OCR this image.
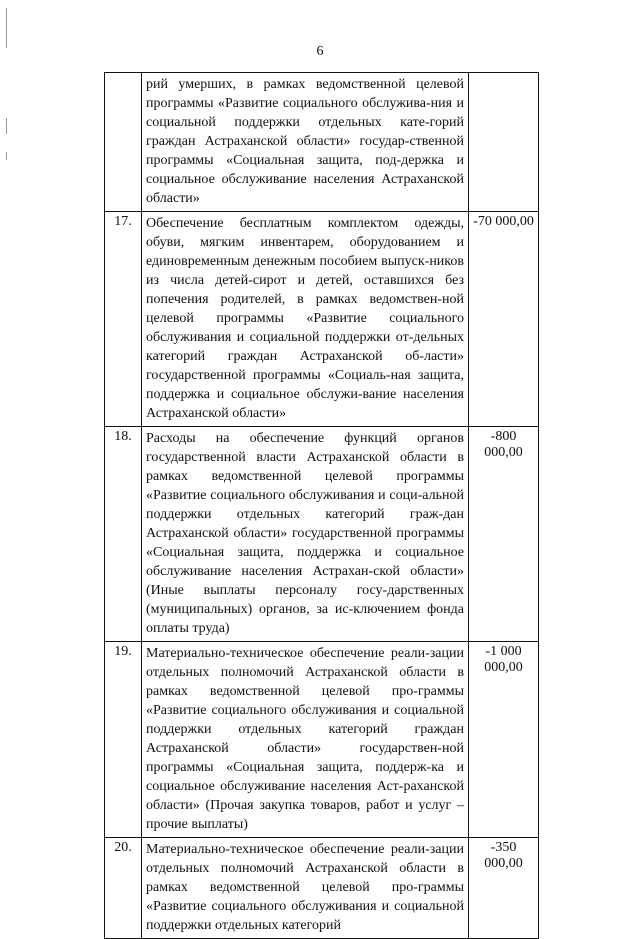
6
	рий умерших, в рамках ведомственной целевой программы «Развитие социального обслужива-ния и социальной поддержки отдельных кате-горий граждан Астраханской области» государ-ственной программы «Социальная защита, под-держка и социальное обслуживание населения Астраханской области»	
17.	Обеспечение бесплатным комплектом одежды, обуви, мягким инвентарем, оборудованием и единовременным денежным пособием выпуск-ников из числа детей-сирот и детей, оставшихся без попечения родителей, в рамках ведомствен-ной целевой программы «Развитие социального обслуживания и социальной поддержки от-дельных категорий граждан Астраханской об-ласти» государственной программы «Социаль-ная защита, поддержка и социальное обслужи-вание населения Астраханской области»	-70 000,00
18.	Расходы на обеспечение функций органов государственной власти Астраханской области в рамках ведомственной целевой программы «Развитие социального обслуживания и соци-альной поддержки отдельных категорий граж-дан Астраханской области» государственной программы «Социальная защита, поддержка и социальное обслуживание населения Астрахан-ской области» (Иные выплаты персоналу госу-дарственных (муниципальных) органов, за ис-ключением фонда оплаты труда)	-800 000,00
19.	Материально-техническое обеспечение реали-зации отдельных полномочий Астраханской области в рамках ведомственной целевой про-граммы «Развитие социального обслуживания и социальной поддержки отдельных категорий граждан Астраханской области» государствен-ной программы «Социальная защита, поддерж-ка и социальное обслуживание населения Аст-раханской области» (Прочая закупка товаров, работ и услуг – прочие выплаты)	-1 000 000,00
20.	Материально-техническое обеспечение реали-зации отдельных полномочий Астраханской области в рамках ведомственной целевой про-граммы «Развитие социального обслуживания и социальной поддержки отдельных категорий	-350 000,00
